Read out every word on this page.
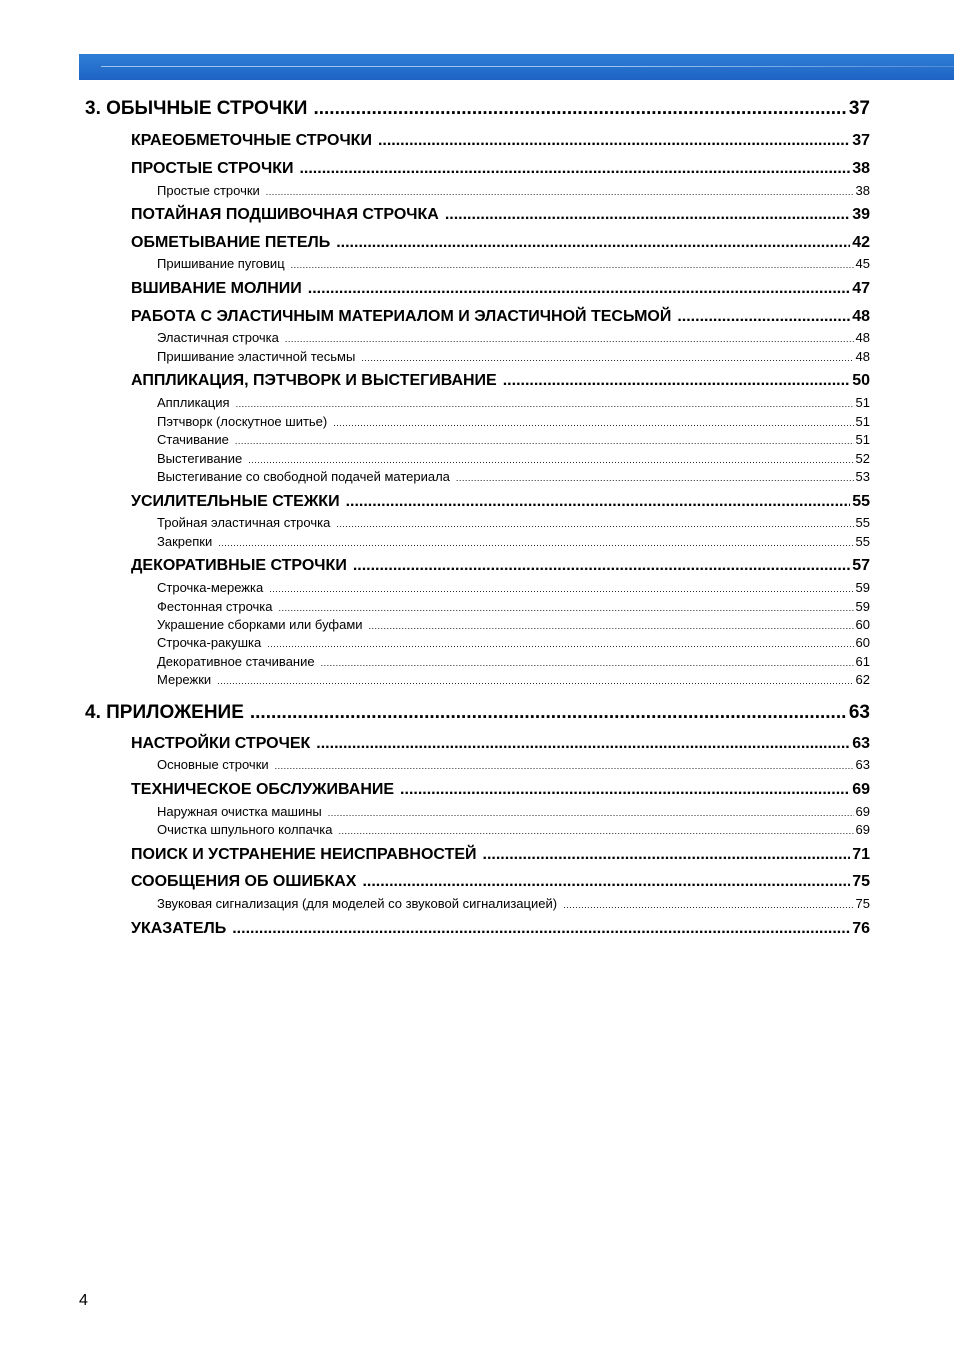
3. ОБЫЧНЫЕ СТРОЧКИ .....	37
КРАЕОБМЕТОЧНЫЕ СТРОЧКИ .....	37
ПРОСТЫЕ СТРОЧКИ .....	38
Простые строчки .....	38
ПОТАЙНАЯ ПОДШИВОЧНАЯ СТРОЧКА .....	39
ОБМЕТЫВАНИЕ ПЕТЕЛЬ .....	42
Пришивание пуговиц .....	45
ВШИВАНИЕ МОЛНИИ .....	47
РАБОТА С ЭЛАСТИЧНЫМ МАТЕРИАЛОМ И ЭЛАСТИЧНОЙ ТЕСЬМОЙ .....	48
Эластичная строчка .....	48
Пришивание эластичной тесьмы .....	48
АППЛИКАЦИЯ, ПЭТЧВОРК И ВЫСТЕГИВАНИЕ .....	50
Аппликация .....	51
Пэтчворк (лоскутное шитье) .....	51
Стачивание .....	51
Выстегивание .....	52
Выстегивание со свободной подачей материала .....	53
УСИЛИТЕЛЬНЫЕ СТЕЖКИ .....	55
Тройная эластичная строчка .....	55
Закрепки .....	55
ДЕКОРАТИВНЫЕ СТРОЧКИ .....	57
Строчка-мережка .....	59
Фестонная строчка .....	59
Украшение сборками или буфами .....	60
Строчка-ракушка .....	60
Декоративное стачивание .....	61
Мережки .....	62
4. ПРИЛОЖЕНИЕ .....	63
НАСТРОЙКИ СТРОЧЕК .....	63
Основные строчки .....	63
ТЕХНИЧЕСКОЕ ОБСЛУЖИВАНИЕ .....	69
Наружная очистка машины .....	69
Очистка шпульного колпачка .....	69
ПОИСК И УСТРАНЕНИЕ НЕИСПРАВНОСТЕЙ .....	71
СООБЩЕНИЯ ОБ ОШИБКАХ .....	75
Звуковая сигнализация (для моделей со звуковой сигнализацией) .....	75
УКАЗАТЕЛЬ .....	76
4
